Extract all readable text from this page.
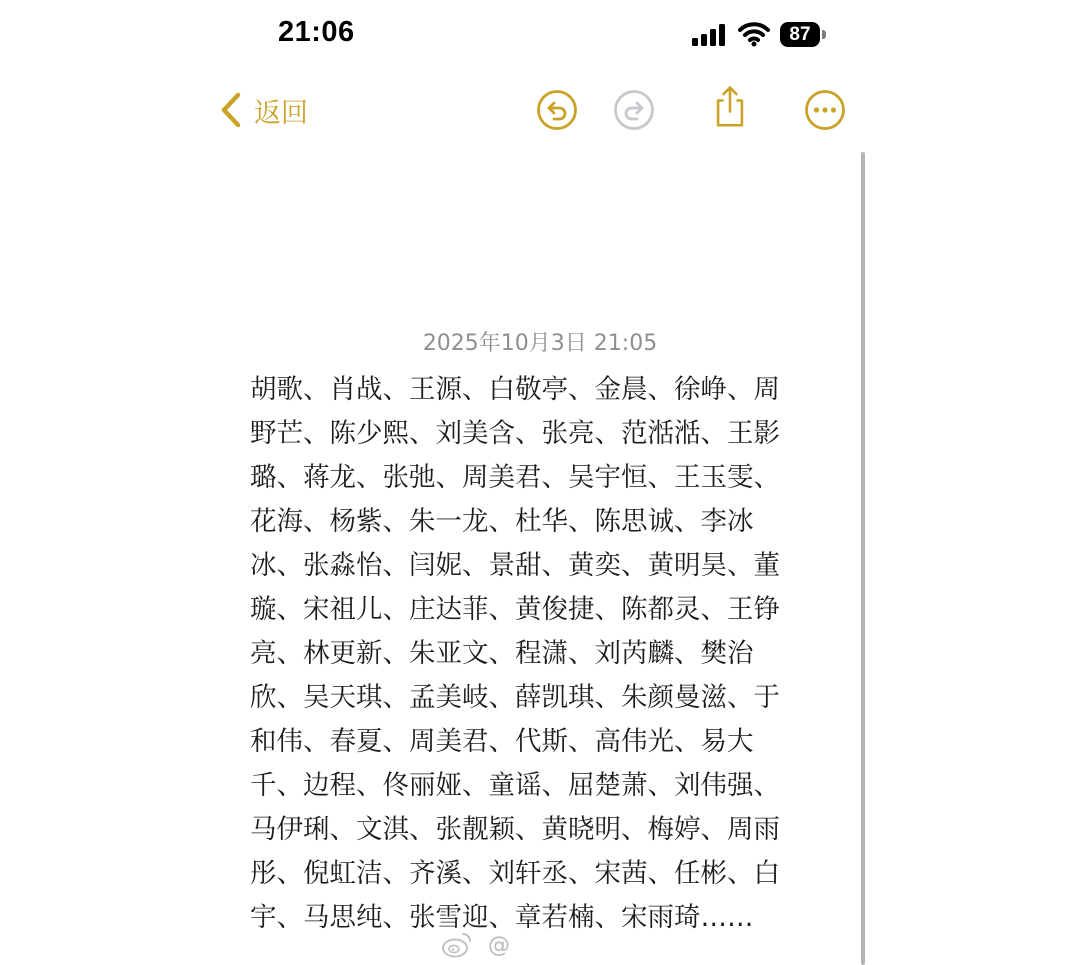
21:06	87
返回
2025年10月3日 21:05
胡歌、肖战、王源、白敬亭、金晨、徐峥、周
野芒、陈少熙、刘美含、张亮、范湉湉、王影
璐、蒋龙、张弛、周美君、吴宇恒、王玉雯、
花海、杨紫、朱一龙、杜华、陈思诚、李冰
冰、张淼怡、闫妮、景甜、黄奕、黄明昊、董
璇、宋祖儿、庄达菲、黄俊捷、陈都灵、王铮
亮、林更新、朱亚文、程潇、刘芮麟、樊治
欣、吴天琪、孟美岐、薛凯琪、朱颜曼滋、于
和伟、春夏、周美君、代斯、高伟光、易大
千、边程、佟丽娅、童谣、屈楚萧、刘伟强、
马伊琍、文淇、张靓颖、黄晓明、梅婷、周雨
彤、倪虹洁、齐溪、刘轩丞、宋茜、任彬、白
宇、马思纯、张雪迎、章若楠、宋雨琦……
@
